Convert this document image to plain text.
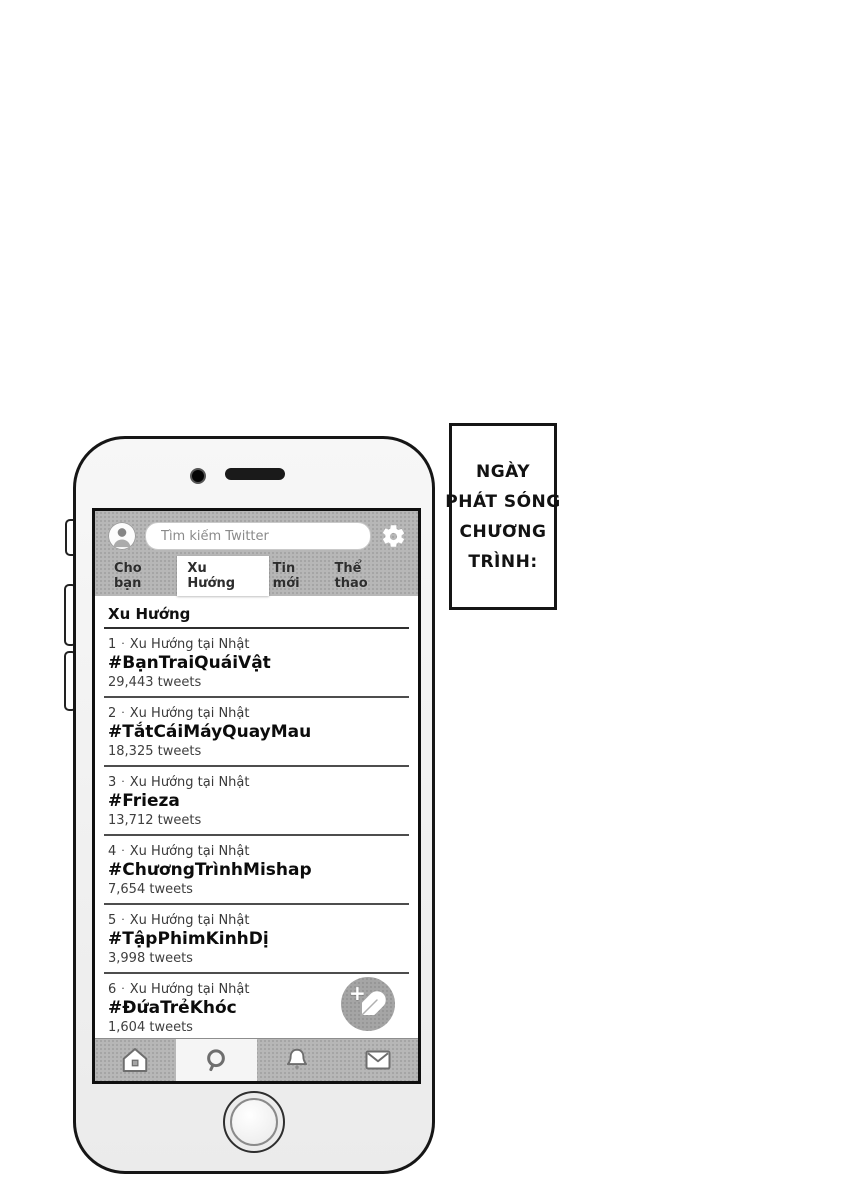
NGÀY
PHÁT SÓNG
CHƯƠNG
TRÌNH:
Tìm kiếm Twitter
Cho bạn
Xu Hướng
Tin mới
Thể thao
Xu Hướng
1 · Xu Hướng tại Nhật
#BạnTraiQuáiVật
29,443 tweets
2 · Xu Hướng tại Nhật
#TắtCáiMáyQuayMau
18,325 tweets
3 · Xu Hướng tại Nhật
#Frieza
13,712 tweets
4 · Xu Hướng tại Nhật
#ChươngTrìnhMishap
7,654 tweets
5 · Xu Hướng tại Nhật
#TậpPhimKinhDị
3,998 tweets
6 · Xu Hướng tại Nhật
#ĐứaTrẻKhóc
1,604 tweets
+
